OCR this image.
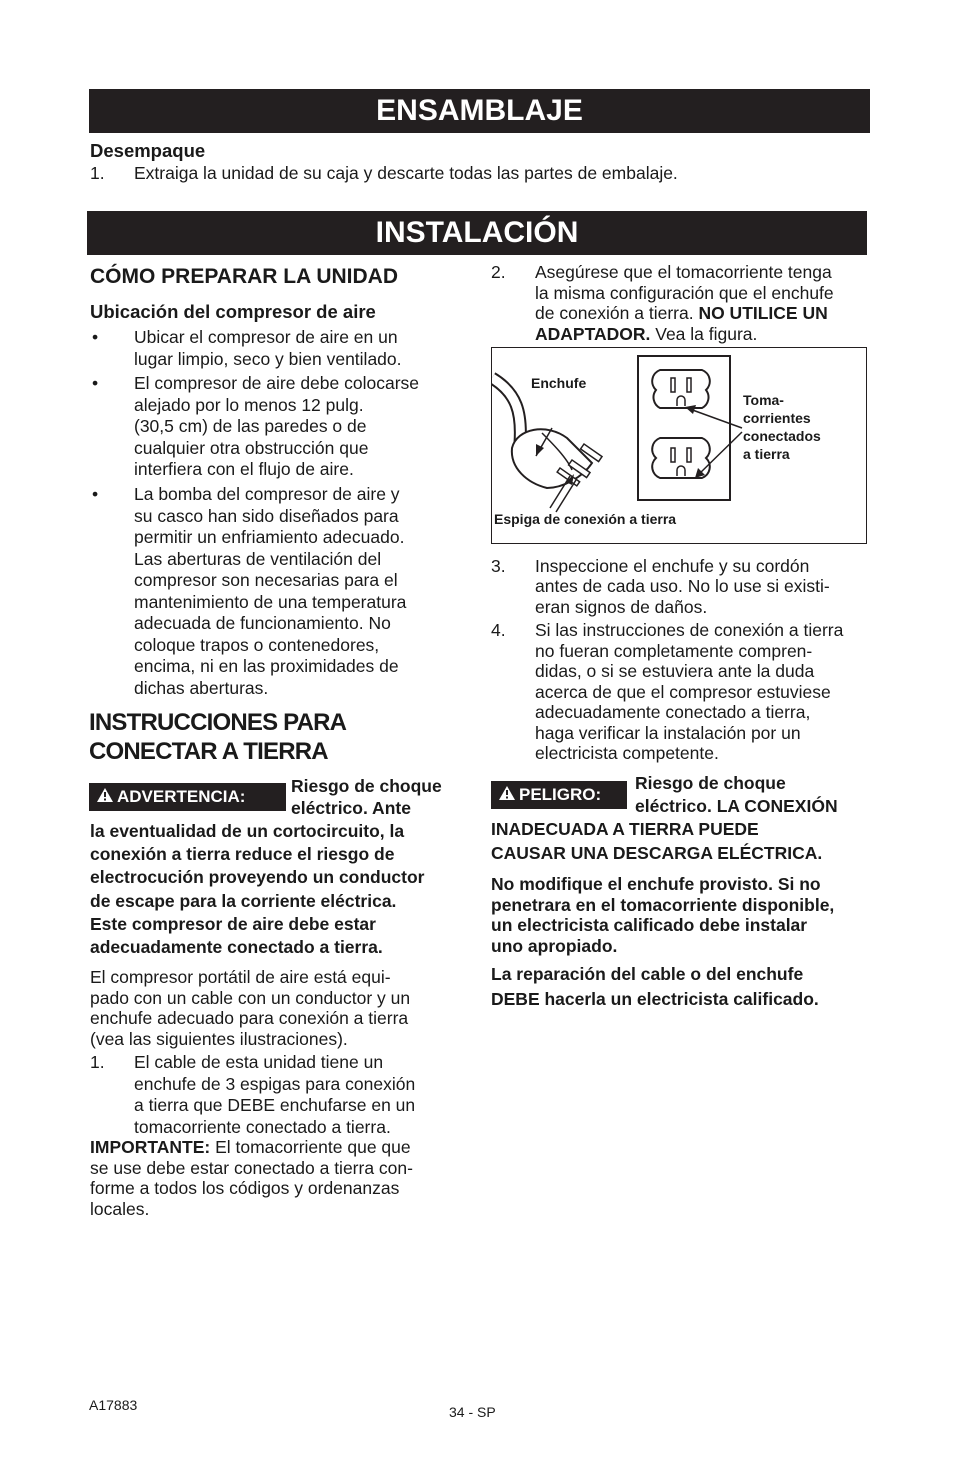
ENSAMBLAJE
Desempaque
1. Extraiga la unidad de su caja y descarte todas las partes de embalaje.
INSTALACIÓN
CÓMO PREPARAR LA UNIDAD
Ubicación del compresor de aire
• Ubicar el compresor de aire en un
lugar limpio, seco y bien ventilado.
• El compresor de aire debe colocarse
alejado por lo menos 12 pulg.
(30,5 cm) de las paredes o de
cualquier otra obstrucción que
interfiera con el flujo de aire.
• La bomba del compresor de aire y
su casco han sido diseñados para
permitir un enfriamiento adecuado.
Las aberturas de ventilación del
compresor son necesarias para el
mantenimiento de una temperatura
adecuada de funcionamiento. No
coloque trapos o contenedores,
encima, ni en las proximidades de
dichas aberturas.
INSTRUCCIONES PARA
CONECTAR A TIERRA
ADVERTENCIA:
Riesgo de choque
eléctrico. Ante
la eventualidad de un cortocircuito, la
conexión a tierra reduce el riesgo de
electrocución proveyendo un conductor
de escape para la corriente eléctrica.
Este compresor de aire debe estar
adecuadamente conectado a tierra.
El compresor portátil de aire está equi-
pado con un cable con un conductor y un
enchufe adecuado para conexión a tierra
(vea las siguientes ilustraciones).
1. El cable de esta unidad tiene un
enchufe de 3 espigas para conexión
a tierra que DEBE enchufarse en un
tomacorriente conectado a tierra.
IMPORTANTE: El tomacorriente que que
se use debe estar conectado a tierra con-
forme a todos los códigos y ordenanzas
locales.
2. Asegúrese que el tomacorriente tenga
la misma configuración que el enchufe
de conexión a tierra. NO UTILICE UN
ADAPTADOR. Vea la figura.
Enchufe
Toma-
corrientes
conectados
a tierra
Espiga de conexión a tierra
3. Inspeccione el enchufe y su cordón
antes de cada uso. No lo use si existi-
eran signos de daños.
4. Si las instrucciones de conexión a tierra
no fueran completamente compren-
didas, o si se estuviera ante la duda
acerca de que el compresor estuviese
adecuadamente conectado a tierra,
haga verificar la instalación por un
electricista competente.
PELIGRO:
Riesgo de choque
eléctrico. LA CONEXIÓN
INADECUADA A TIERRA PUEDE
CAUSAR UNA DESCARGA ELÉCTRICA.
No modifique el enchufe provisto. Si no
penetrara en el tomacorriente disponible,
un electricista calificado debe instalar
uno apropiado.
La reparación del cable o del enchufe
DEBE hacerla un electricista calificado.
A17883	34 - SP
